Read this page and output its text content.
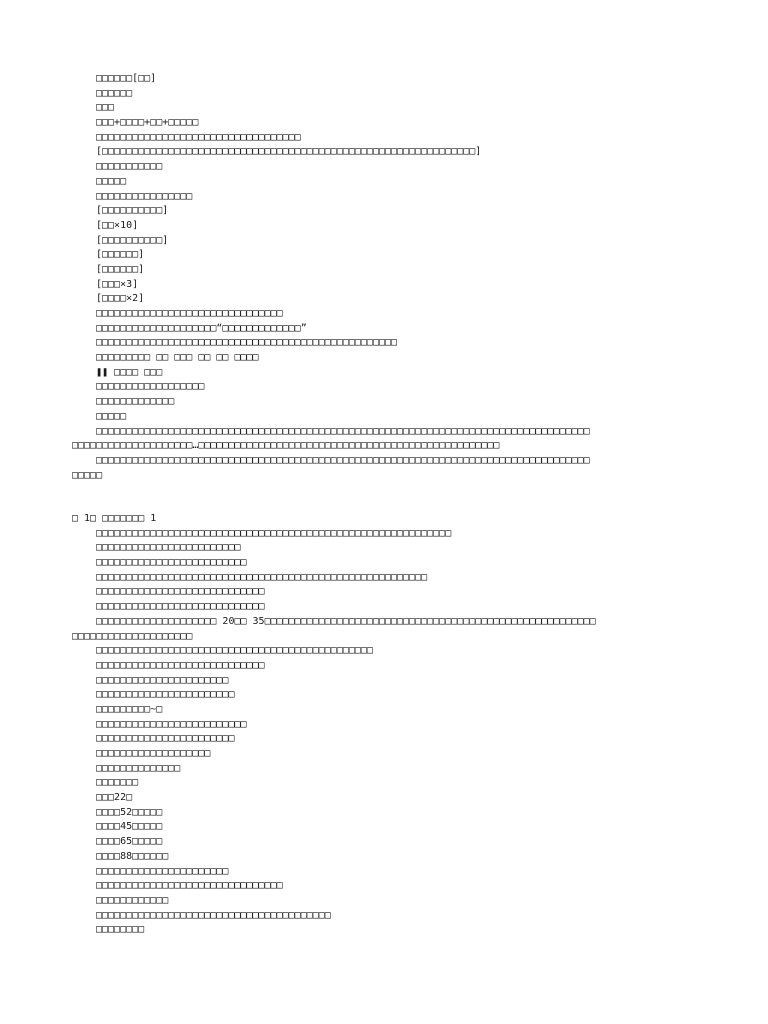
□□□□□□[□□]
□□□□□□
□□□
□□□+□□□□+□□+□□□□□
□□□□□□□□□□□□□□□□□□□□□□□□□□□□□□□□□□
[□□□□□□□□□□□□□□□□□□□□□□□□□□□□□□□□□□□□□□□□□□□□□□□□□□□□□□□□□□□□□□]
□□□□□□□□□□□
□□□□□
□□□□□□□□□□□□□□□□
[□□□□□□□□□□]
[□□×10]
[□□□□□□□□□□]
[□□□□□□]
[□□□□□□]
[□□□×3]
[□□□□×2]
□□□□□□□□□□□□□□□□□□□□□□□□□□□□□□□
□□□□□□□□□□□□□□□□□□□□“□□□□□□□□□□□□□”
□□□□□□□□□□□□□□□□□□□□□□□□□□□□□□□□□□□□□□□□□□□□□□□□□□
□□□□□□□□□ □□ □□□ □□ □□ □□□□
❚❚ □□□□ □□□
□□□□□□□□□□□□□□□□□□
□□□□□□□□□□□□□
□□□□□
□□□□□□□□□□□□□□□□□□□□□□□□□□□□□□□□□□□□□□□□□□□□□□□□□□□□□□□□□□□□□□□□□□□□□□□□□□□□□□□□□□
□□□□□□□□□□□□□□□□□□□□…□□□□□□□□□□□□□□□□□□□□□□□□□□□□□□□□□□□□□□□□□□□□□□□□□□
□□□□□□□□□□□□□□□□□□□□□□□□□□□□□□□□□□□□□□□□□□□□□□□□□□□□□□□□□□□□□□□□□□□□□□□□□□□□□□□□□□
□□□□□
□ 1□ □□□□□□□ 1
□□□□□□□□□□□□□□□□□□□□□□□□□□□□□□□□□□□□□□□□□□□□□□□□□□□□□□□□□□□
□□□□□□□□□□□□□□□□□□□□□□□□
□□□□□□□□□□□□□□□□□□□□□□□□□
□□□□□□□□□□□□□□□□□□□□□□□□□□□□□□□□□□□□□□□□□□□□□□□□□□□□□□□
□□□□□□□□□□□□□□□□□□□□□□□□□□□□
□□□□□□□□□□□□□□□□□□□□□□□□□□□□
□□□□□□□□□□□□□□□□□□□□ 20□□ 35□□□□□□□□□□□□□□□□□□□□□□□□□□□□□□□□□□□□□□□□□□□□□□□□□□□□□□□
□□□□□□□□□□□□□□□□□□□□
□□□□□□□□□□□□□□□□□□□□□□□□□□□□□□□□□□□□□□□□□□□□□□
□□□□□□□□□□□□□□□□□□□□□□□□□□□□
□□□□□□□□□□□□□□□□□□□□□□
□□□□□□□□□□□□□□□□□□□□□□□
□□□□□□□□□~□
□□□□□□□□□□□□□□□□□□□□□□□□□
□□□□□□□□□□□□□□□□□□□□□□□
□□□□□□□□□□□□□□□□□□□
□□□□□□□□□□□□□□
□□□□□□□
□□□22□
□□□□52□□□□□
□□□□45□□□□□
□□□□65□□□□□
□□□□88□□□□□□
□□□□□□□□□□□□□□□□□□□□□□
□□□□□□□□□□□□□□□□□□□□□□□□□□□□□□□
□□□□□□□□□□□□
□□□□□□□□□□□□□□□□□□□□□□□□□□□□□□□□□□□□□□□
□□□□□□□□
